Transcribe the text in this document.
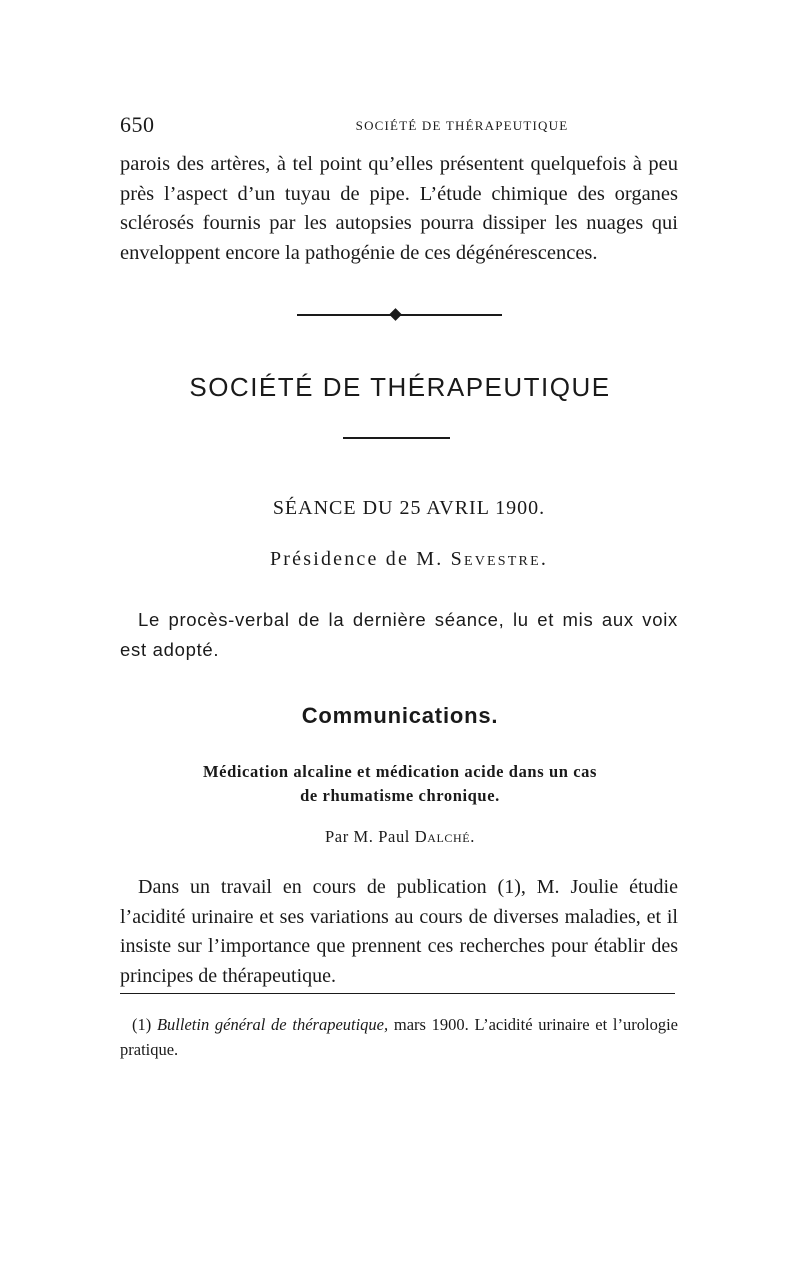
650	SOCIÉTÉ DE THÉRAPEUTIQUE

parois des artères, à tel point qu’elles présentent quelquefois à peu près l’aspect d’un tuyau de pipe. L’étude chimique des organes sclérosés fournis par les autopsies pourra dissiper les nuages qui enveloppent encore la pathogénie de ces dégénérescences.

SOCIÉTÉ DE THÉRAPEUTIQUE
SÉANCE DU 25 AVRIL 1900.
Présidence de M. Sevestre.

Le procès-verbal de la dernière séance, lu et mis aux voix est adopté.

Communications.
Médication alcaline et médication acide dans un cas
de rhumatisme chronique.
Par M. Paul Dalché.

Dans un travail en cours de publication (1), M. Joulie étudie l’acidité urinaire et ses variations au cours de diverses maladies, et il insiste sur l’importance que prennent ces recherches pour établir des principes de thérapeutique.

(1) Bulletin général de thérapeutique, mars 1900. L’acidité urinaire et l’urologie pratique.
